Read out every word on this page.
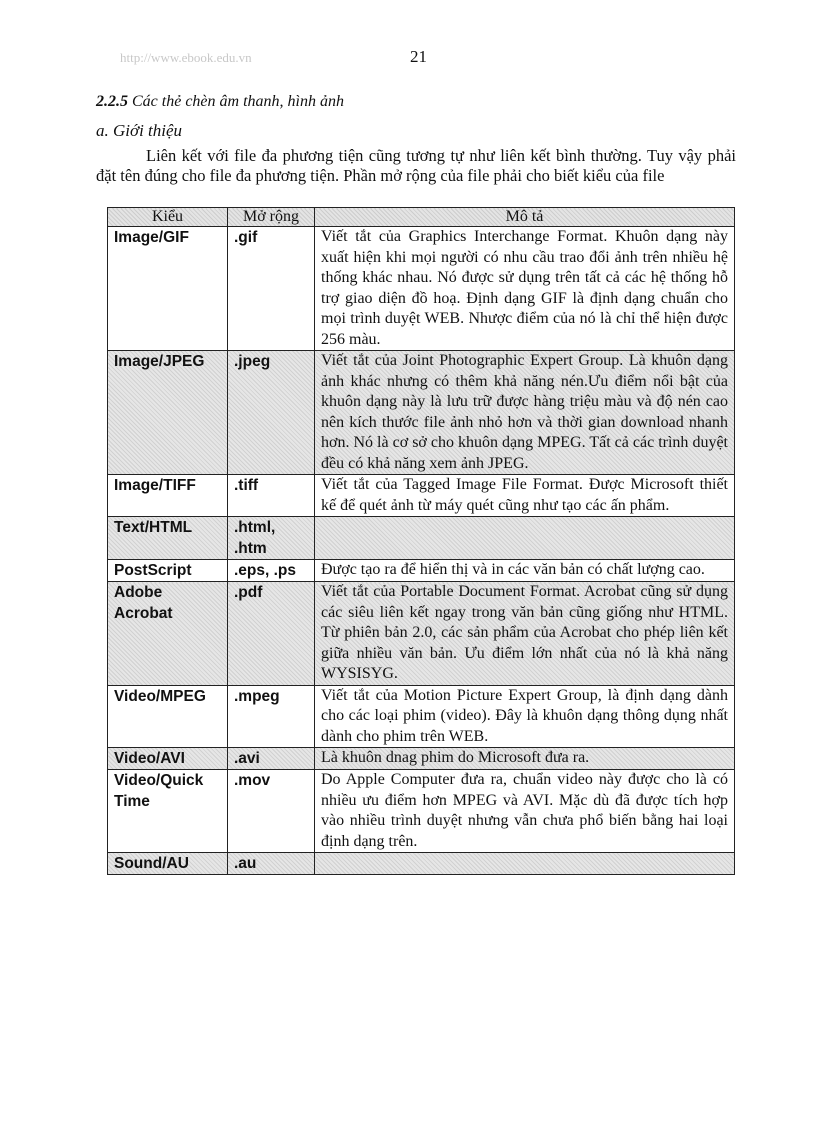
http://www.ebook.edu.vn	21
2.2.5 Các thẻ chèn âm thanh, hình ảnh
a. Giới thiệu

Liên kết với file đa phương tiện cũng tương tự như liên kết bình thường. Tuy vậy phải đặt tên đúng cho file đa phương tiện. Phần mở rộng của file phải cho biết kiểu của file

Kiểu	Mở rộng	Mô tả
Image/GIF	.gif	Viết tắt của Graphics Interchange Format. Khuôn dạng này xuất hiện khi mọi người có nhu cầu trao đổi ảnh trên nhiều hệ thống khác nhau. Nó được sử dụng trên tất cả các hệ thống hỗ trợ giao diện đồ hoạ. Định dạng GIF là định dạng chuẩn cho mọi trình duyệt WEB. Nhược điểm của nó là chỉ thể hiện được 256 màu.
Image/JPEG	.jpeg	Viết tắt của Joint Photographic Expert Group. Là khuôn dạng ảnh khác nhưng có thêm khả năng nén.Ưu điểm nổi bật của khuôn dạng này là lưu trữ được hàng triệu màu và độ nén cao nên kích thước file ảnh nhỏ hơn và thời gian download nhanh hơn. Nó là cơ sở cho khuôn dạng MPEG. Tất cả các trình duyệt đều có khả năng xem ảnh JPEG.
Image/TIFF	.tiff	Viết tắt của Tagged Image File Format. Được Microsoft thiết kế để quét ảnh từ máy quét cũng như tạo các ấn phẩm.
Text/HTML	.html, .htm	
PostScript	.eps, .ps	Được tạo ra để hiển thị và in các văn bản có chất lượng cao.
Adobe Acrobat	.pdf	Viết tắt của Portable Document Format. Acrobat cũng sử dụng các siêu liên kết ngay trong văn bản cũng giống như HTML. Từ phiên bản 2.0, các sản phẩm của Acrobat cho phép liên kết giữa nhiều văn bản. Ưu điểm lớn nhất của nó là khả năng WYSISYG.
Video/MPEG	.mpeg	Viết tắt của Motion Picture Expert Group, là định dạng dành cho các loại phim (video). Đây là khuôn dạng thông dụng nhất dành cho phim trên WEB.
Video/AVI	.avi	Là khuôn dnag phim do Microsoft đưa ra.
Video/Quick Time	.mov	Do Apple Computer đưa ra, chuẩn video này được cho là có nhiều ưu điểm hơn MPEG và AVI. Mặc dù đã được tích hợp vào nhiều trình duyệt nhưng vẫn chưa phổ biến bằng hai loại định dạng trên.
Sound/AU	.au	
